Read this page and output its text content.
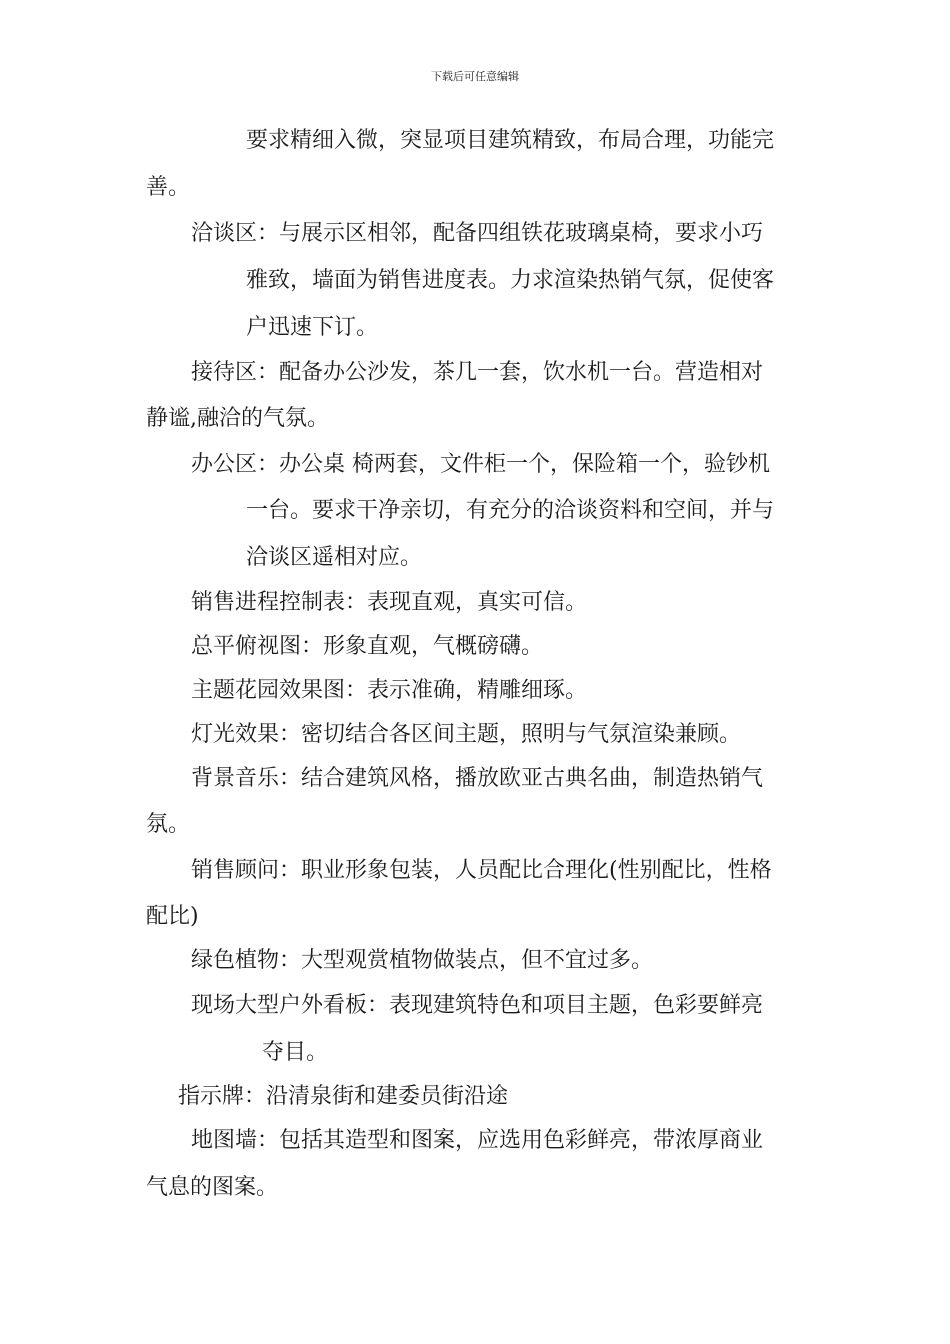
下载后可任意编辑
要求精细入微，突显项目建筑精致，布局合理，功能完
善。
洽谈区：与展示区相邻，配备四组铁花玻璃桌椅，要求小巧
雅致，墙面为销售进度表。力求渲染热销气氛，促使客
户迅速下订。
接待区：配备办公沙发，茶几一套，饮水机一台。营造相对
静谧,融洽的气氛。
办公区：办公桌 椅两套，文件柜一个，保险箱一个，验钞机
一台。要求干净亲切，有充分的洽谈资料和空间，并与
洽谈区遥相对应。
销售进程控制表：表现直观，真实可信。
总平俯视图：形象直观，气概磅礴。
主题花园效果图：表示准确，精雕细琢。
灯光效果：密切结合各区间主题，照明与气氛渲染兼顾。
背景音乐：结合建筑风格，播放欧亚古典名曲，制造热销气
氛。
销售顾问：职业形象包装，人员配比合理化(性别配比，性格
配比)
绿色植物：大型观赏植物做装点，但不宜过多。
现场大型户外看板：表现建筑特色和项目主题，色彩要鲜亮
夺目。
指示牌：沿清泉街和建委员街沿途
地图墙：包括其造型和图案，应选用色彩鲜亮，带浓厚商业
气息的图案。
